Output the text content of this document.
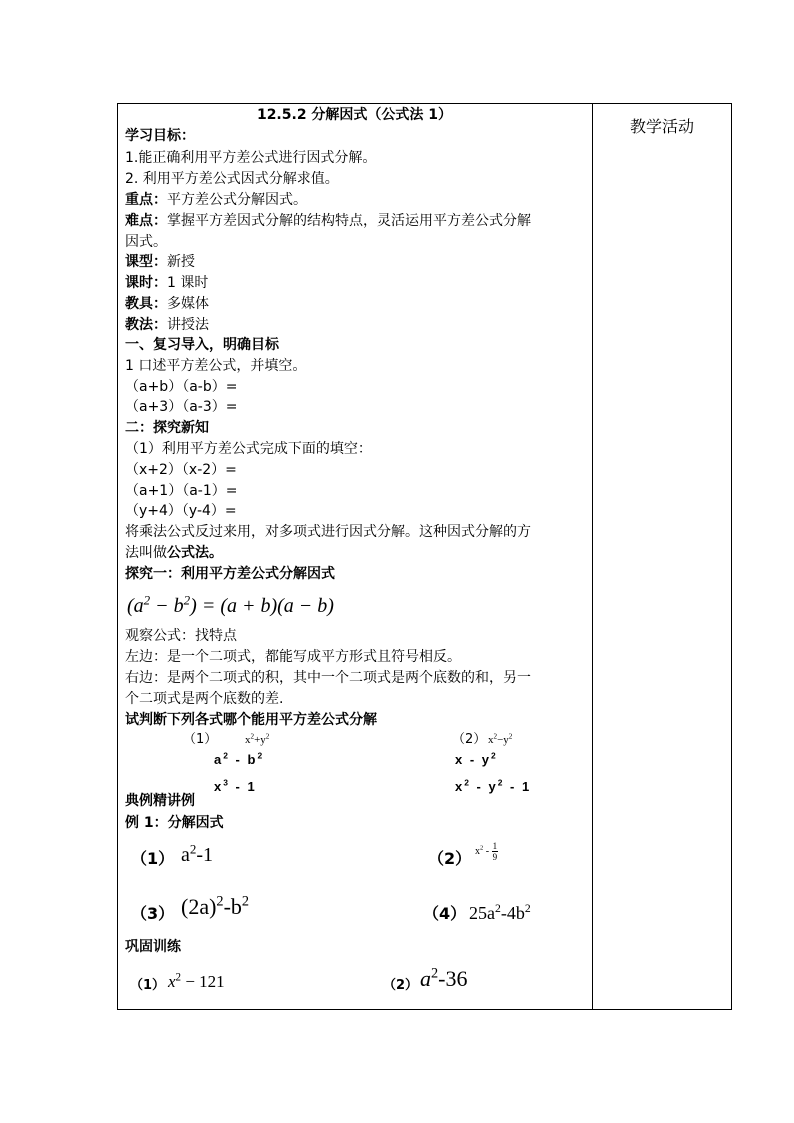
教学活动
12.5.2 分解因式（公式法 1）
学习目标：
1.能正确利用平方差公式进行因式分解。
2. 利用平方差公式因式分解求值。
重点：平方差公式分解因式。
难点：掌握平方差因式分解的结构特点，灵活运用平方差公式分解
因式。
课型：新授
课时：1 课时
教具：多媒体
教法：讲授法
一、复习导入，明确目标
1 口述平方差公式，并填空。
（a+b）（a-b）=
（a+3）（a-3）=
二：探究新知
（1）利用平方差公式完成下面的填空：
（x+2）（x-2）=
（a+1）（a-1）=
（y+4）（y-4）=
将乘法公式反过来用，对多项式进行因式分解。这种因式分解的方
法叫做公式法。
探究一：利用平方差公式分解因式
$(a^2 - b^2) = (a + b)(a - b)$
观察公式：找特点
左边：是一个二项式，都能写成平方形式且符号相反。
右边：是两个二项式的积，其中一个二项式是两个底数的和，另一
个二项式是两个底数的差.
试判断下列各式哪个能用平方差公式分解
（1）	$x^2+y^2$	（2） $x^2-y^2$
$a^2 - b^2$	x - $y^2$
$x^3 - 1$	$x^2 - y^2 - 1$
典例精讲例
例 1：分解因式
（1） $a^2-1$	（2） $x^2 - \frac{1}{9}$
（3） $(2a)^2-b^2$
（4） $25a^2-4b^2$
巩固训练
（1） $x^2 - 121$	（2） $a^2-36$
